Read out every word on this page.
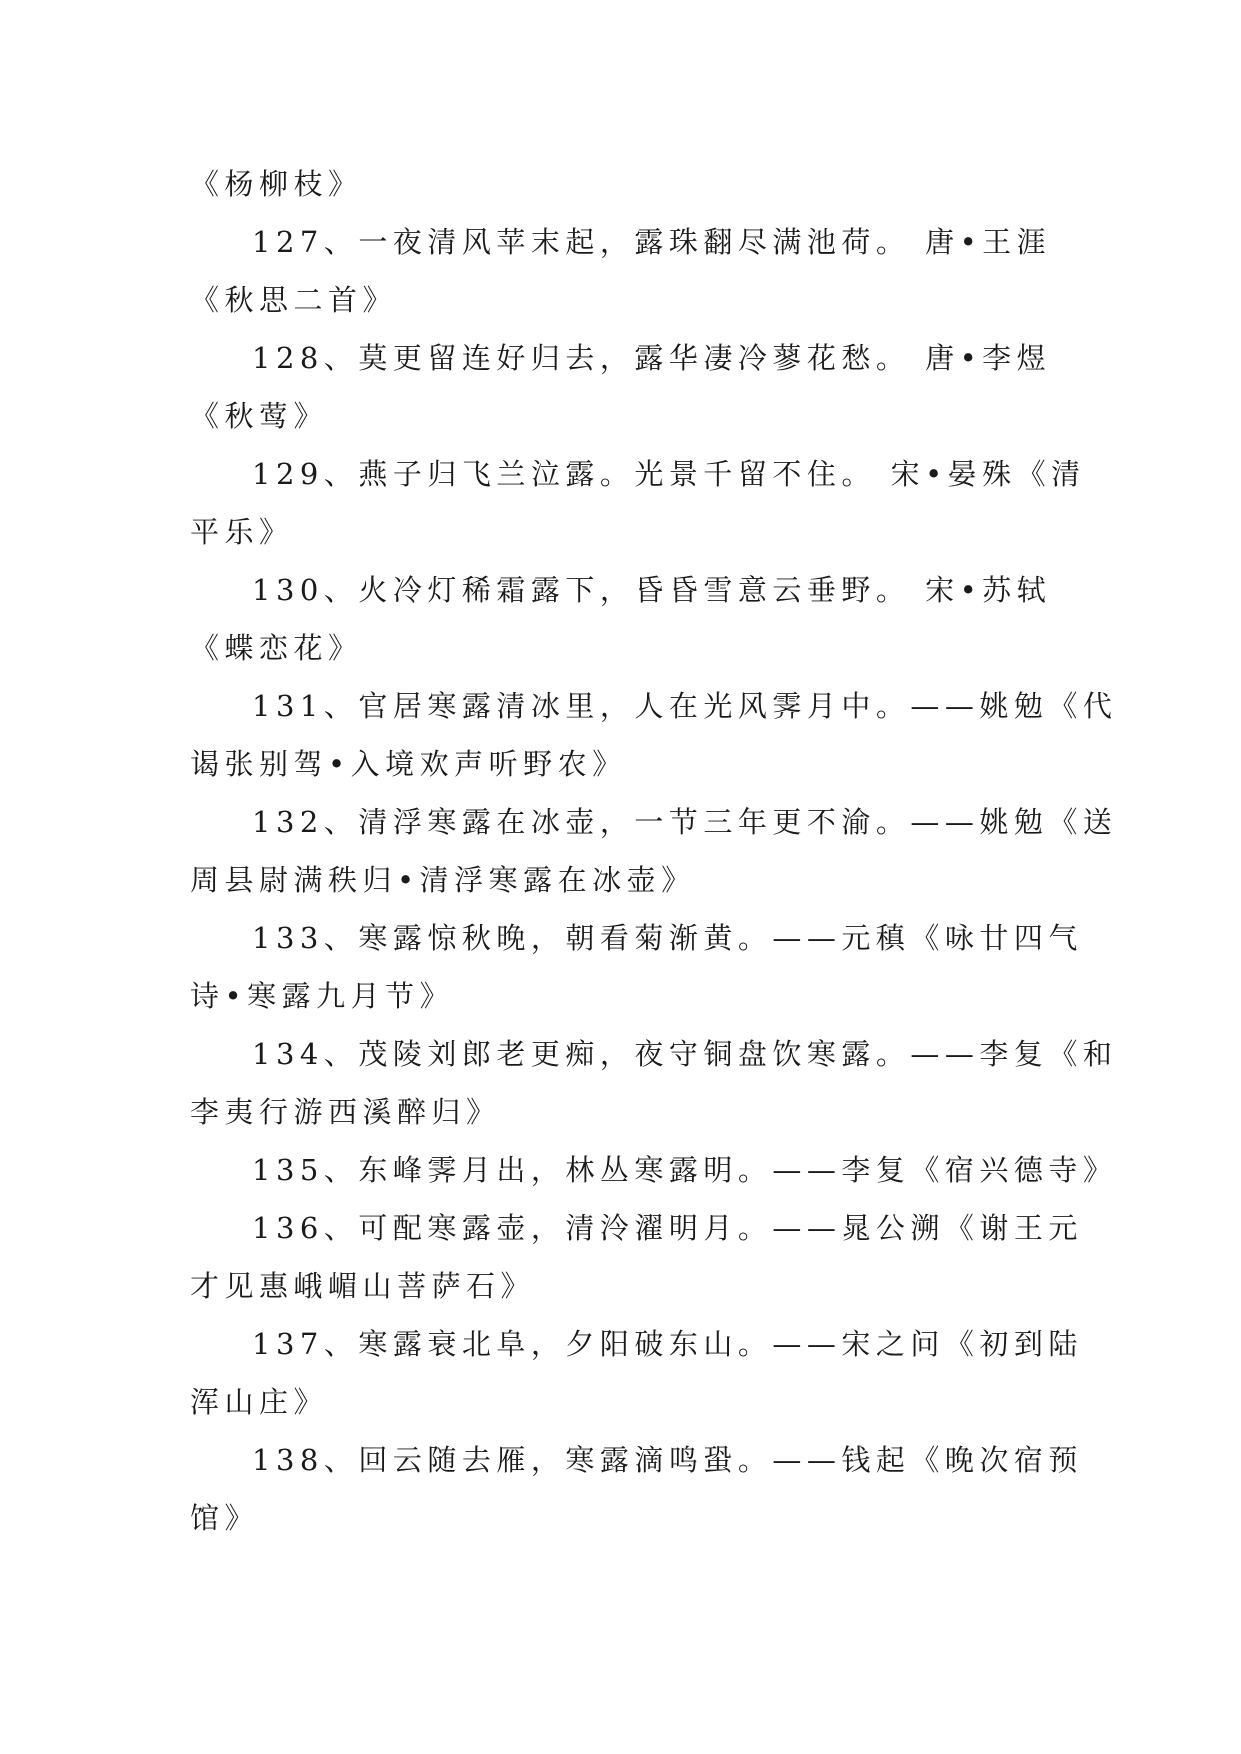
《杨柳枝》
127、一夜清风苹末起，露珠翻尽满池荷。 唐•王涯
《秋思二首》
128、莫更留连好归去，露华凄冷蓼花愁。 唐•李煜
《秋莺》
129、燕子归飞兰泣露。光景千留不住。 宋•晏殊《清
平乐》
130、火冷灯稀霜露下，昏昏雪意云垂野。 宋•苏轼
《蝶恋花》
131、官居寒露清冰里，人在光风霁月中。——姚勉《代
谒张别驾•入境欢声听野农》
132、清浮寒露在冰壶，一节三年更不渝。——姚勉《送
周县尉满秩归•清浮寒露在冰壶》
133、寒露惊秋晚，朝看菊渐黄。——元稹《咏廿四气
诗•寒露九月节》
134、茂陵刘郎老更痴，夜守铜盘饮寒露。——李复《和
李夷行游西溪醉归》
135、东峰霁月出，林丛寒露明。——李复《宿兴德寺》
136、可配寒露壶，清泠濯明月。——晁公溯《谢王元
才见惠峨嵋山菩萨石》
137、寒露衰北阜，夕阳破东山。——宋之问《初到陆
浑山庄》
138、回云随去雁，寒露滴鸣蛩。——钱起《晚次宿预
馆》
